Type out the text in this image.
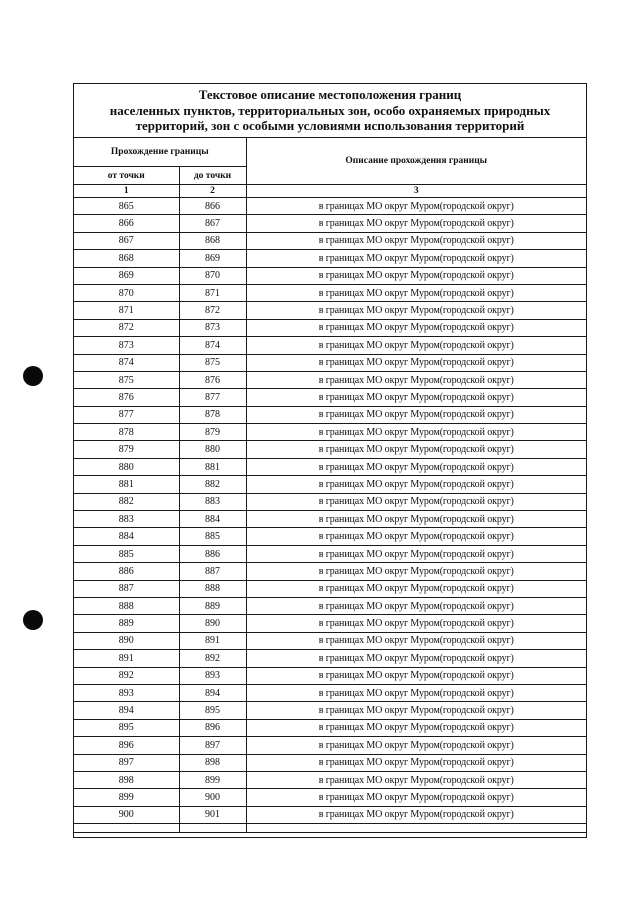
Текстовое описание местоположения границ
населенных пунктов, территориальных зон, особо охраняемых природных
территорий, зон с особыми условиями использования территорий
Прохождение границы		Описание прохождения границы
от точки	до точки	
1	2	3
865	866	в границах МО округ Муром(городской округ)
866	867	в границах МО округ Муром(городской округ)
867	868	в границах МО округ Муром(городской округ)
868	869	в границах МО округ Муром(городской округ)
869	870	в границах МО округ Муром(городской округ)
870	871	в границах МО округ Муром(городской округ)
871	872	в границах МО округ Муром(городской округ)
872	873	в границах МО округ Муром(городской округ)
873	874	в границах МО округ Муром(городской округ)
874	875	в границах МО округ Муром(городской округ)
875	876	в границах МО округ Муром(городской округ)
876	877	в границах МО округ Муром(городской округ)
877	878	в границах МО округ Муром(городской округ)
878	879	в границах МО округ Муром(городской округ)
879	880	в границах МО округ Муром(городской округ)
880	881	в границах МО округ Муром(городской округ)
881	882	в границах МО округ Муром(городской округ)
882	883	в границах МО округ Муром(городской округ)
883	884	в границах МО округ Муром(городской округ)
884	885	в границах МО округ Муром(городской округ)
885	886	в границах МО округ Муром(городской округ)
886	887	в границах МО округ Муром(городской округ)
887	888	в границах МО округ Муром(городской округ)
888	889	в границах МО округ Муром(городской округ)
889	890	в границах МО округ Муром(городской округ)
890	891	в границах МО округ Муром(городской округ)
891	892	в границах МО округ Муром(городской округ)
892	893	в границах МО округ Муром(городской округ)
893	894	в границах МО округ Муром(городской округ)
894	895	в границах МО округ Муром(городской округ)
895	896	в границах МО округ Муром(городской округ)
896	897	в границах МО округ Муром(городской округ)
897	898	в границах МО округ Муром(городской округ)
898	899	в границах МО округ Муром(городской округ)
899	900	в границах МО округ Муром(городской округ)
900	901	в границах МО округ Муром(городской округ)
